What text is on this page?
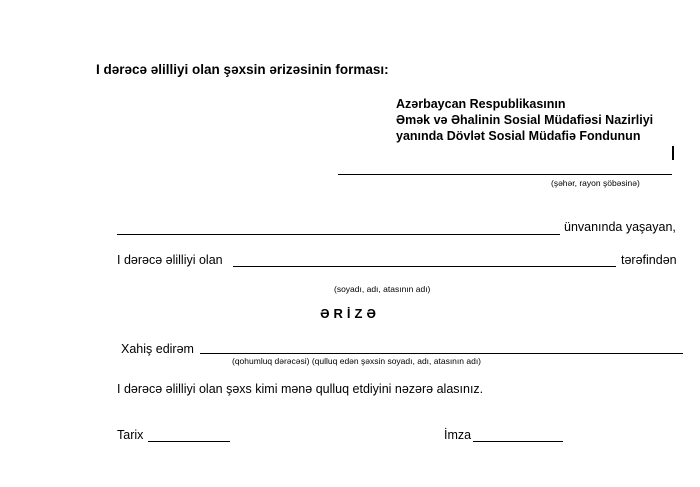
I dərəcə əlilliyi olan şəxsin ərizəsinin forması:
Azərbaycan Respublikasının
Əmək və Əhalinin Sosial Müdafiəsi Nazirliyi
yanında Dövlət Sosial Müdafiə Fondunun
(şəhər, rayon şöbəsinə)
ünvanında yaşayan,
I dərəcə əlilliyi olan	tərəfindən
(soyadı, adı, atasının adı)
ƏRİZƏ
Xahiş edirəm
(qohumluq dərəcəsi) (qulluq edən şəxsin soyadı, adı, atasının adı)
I dərəcə əlilliyi olan şəxs kimi mənə qulluq etdiyini nəzərə alasınız.
Tarix	İmza
